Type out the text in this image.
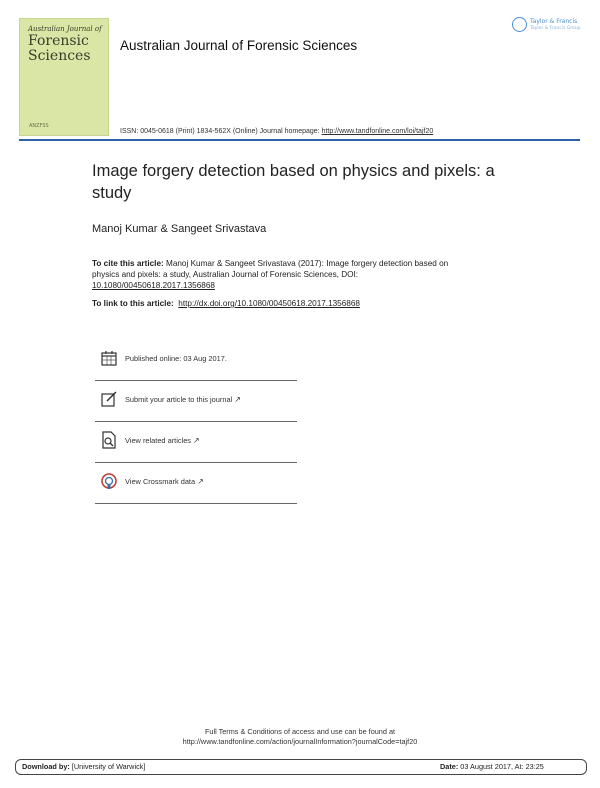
Australian Journal of
Forensic
Sciences
ANZFSS
Australian Journal of Forensic Sciences
Taylor & Francis
Taylor & Francis Group
ISSN: 0045-0618 (Print) 1834-562X (Online) Journal homepage: http://www.tandfonline.com/loi/tajf20
Image forgery detection based on physics and pixels: a study
Manoj Kumar & Sangeet Srivastava
To cite this article: Manoj Kumar & Sangeet Srivastava (2017): Image forgery detection based on physics and pixels: a study, Australian Journal of Forensic Sciences, DOI: 10.1080/00450618.2017.1356868
To link to this article: http://dx.doi.org/10.1080/00450618.2017.1356868
Published online: 03 Aug 2017.
Submit your article to this journal ↗
View related articles ↗
View Crossmark data ↗
Full Terms & Conditions of access and use can be found at
http://www.tandfonline.com/action/journalInformation?journalCode=tajf20
Download by: [University of Warwick]	Date: 03 August 2017, At: 23:25
